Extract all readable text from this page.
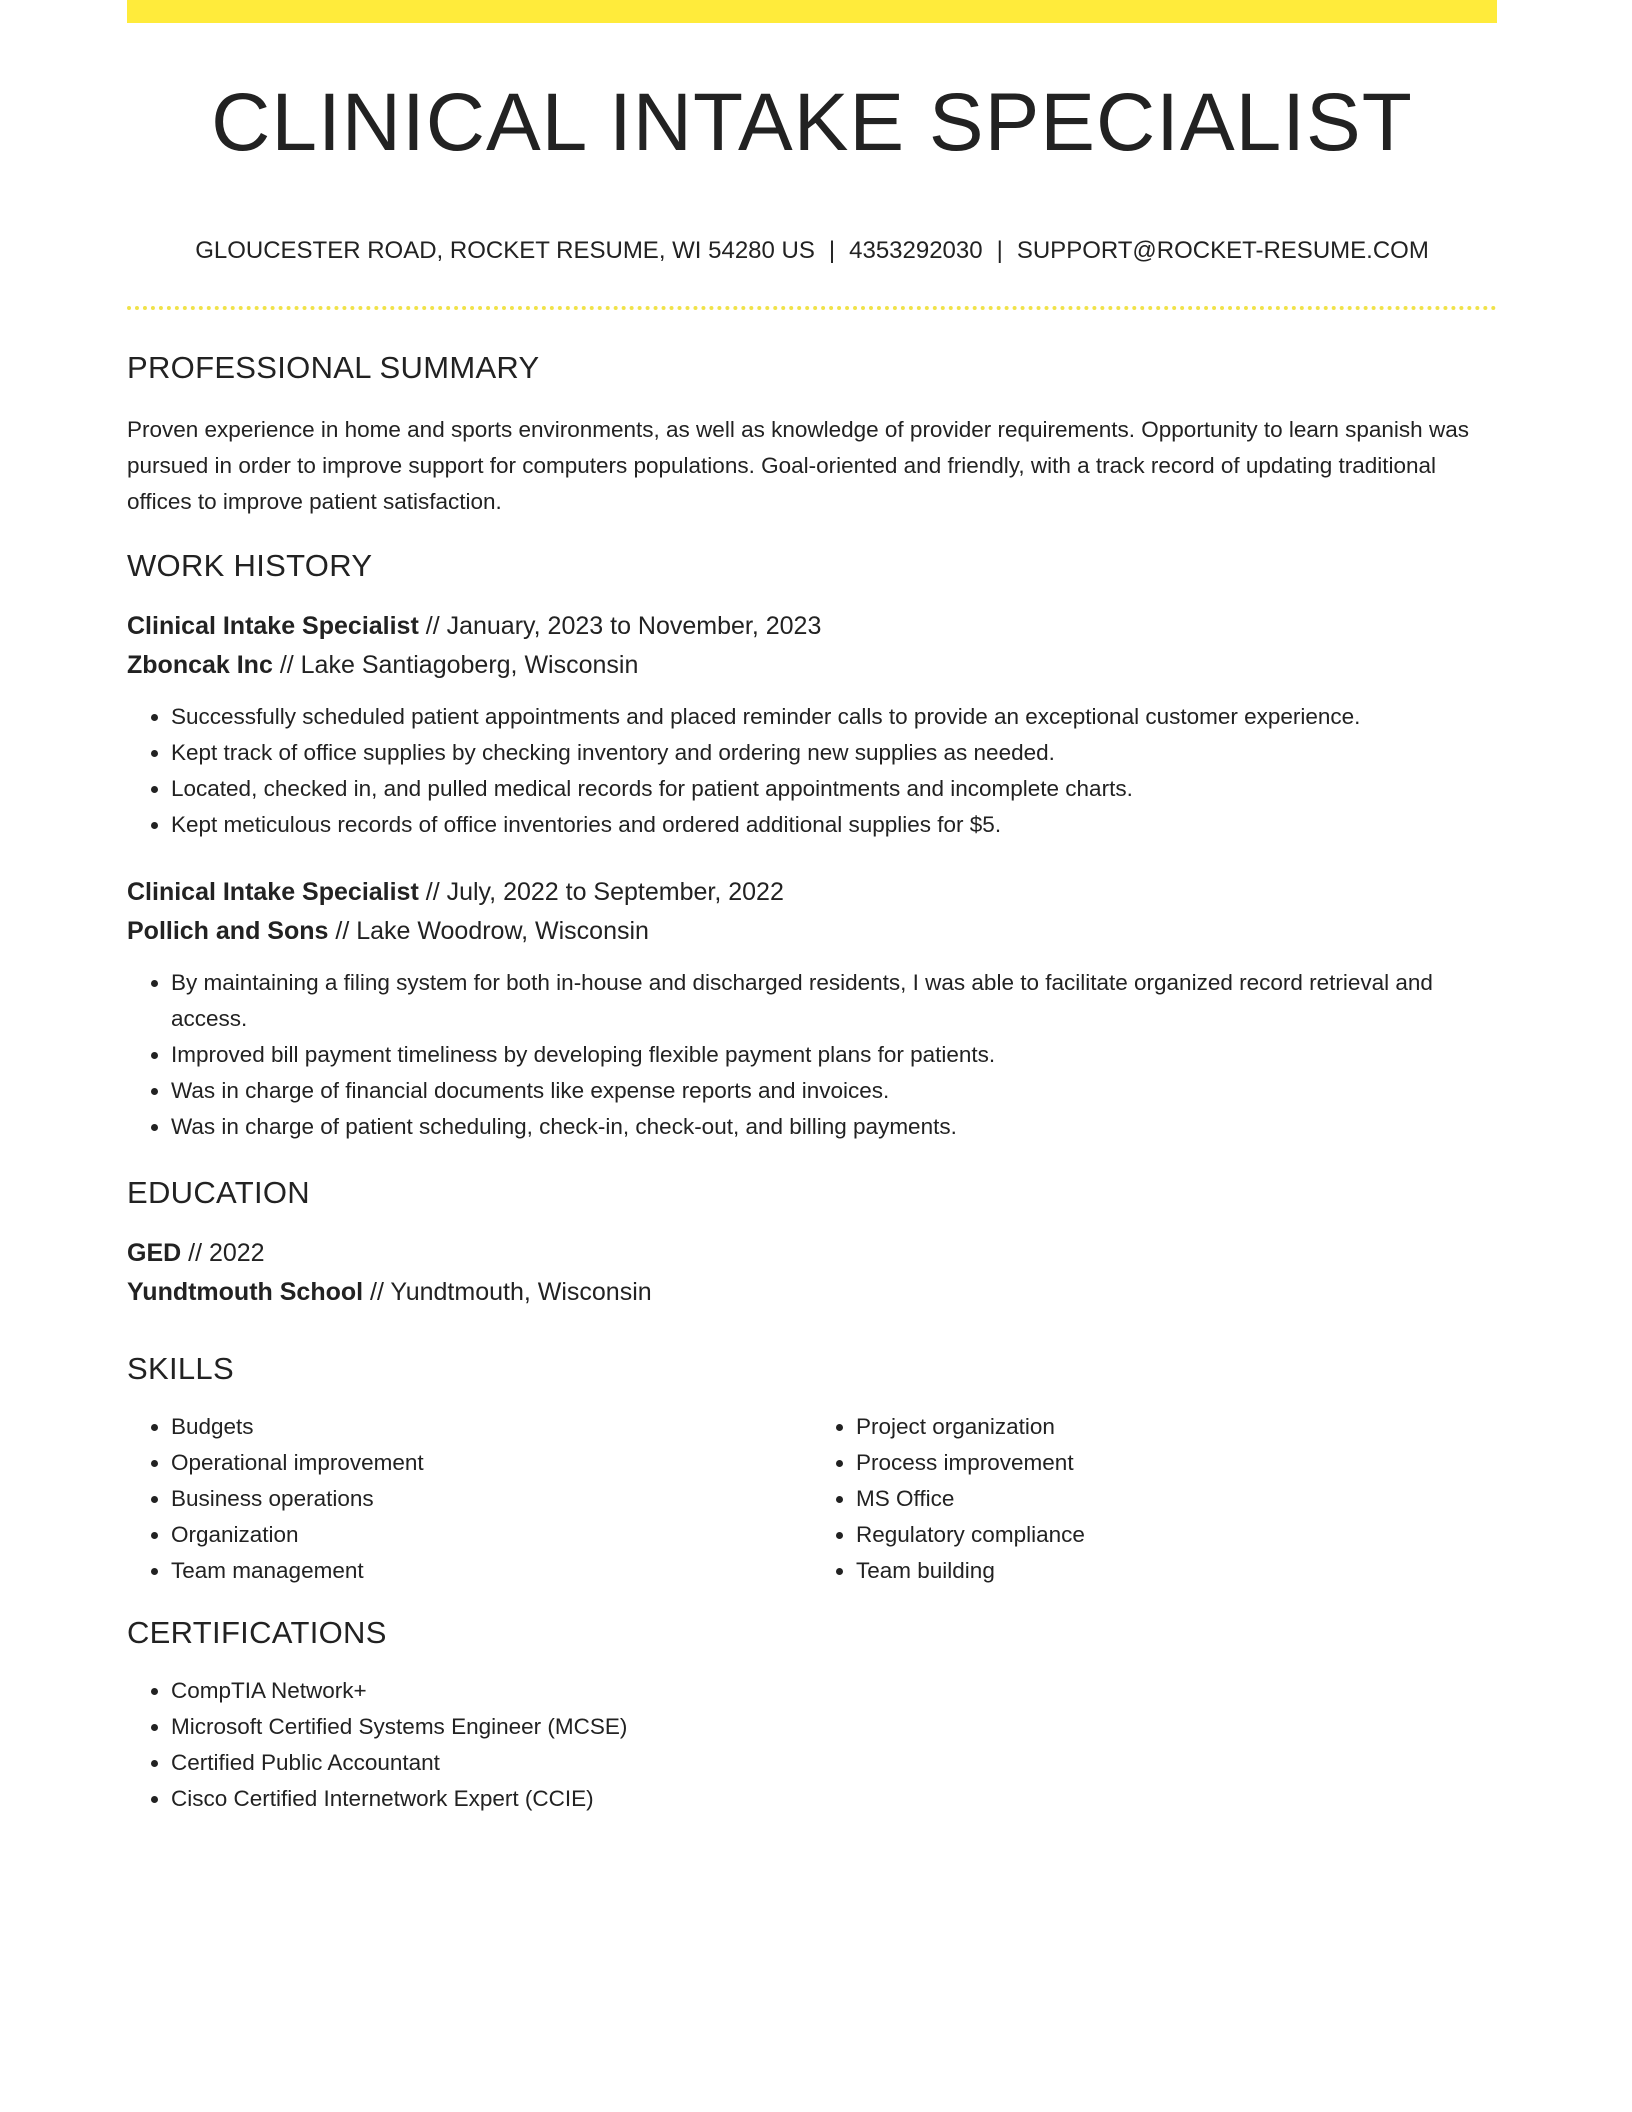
CLINICAL INTAKE SPECIALIST
GLOUCESTER ROAD, ROCKET RESUME, WI 54280 US | 4353292030 | SUPPORT@ROCKET-RESUME.COM
PROFESSIONAL SUMMARY

Proven experience in home and sports environments, as well as knowledge of provider requirements. Opportunity to learn spanish was pursued in order to improve support for computers populations. Goal-oriented and friendly, with a track record of updating traditional offices to improve patient satisfaction.

WORK HISTORY
Clinical Intake Specialist // January, 2023 to November, 2023
Zboncak Inc // Lake Santiagoberg, Wisconsin
• Successfully scheduled patient appointments and placed reminder calls to provide an exceptional customer experience.
• Kept track of office supplies by checking inventory and ordering new supplies as needed.
• Located, checked in, and pulled medical records for patient appointments and incomplete charts.
• Kept meticulous records of office inventories and ordered additional supplies for $5.
Clinical Intake Specialist // July, 2022 to September, 2022
Pollich and Sons // Lake Woodrow, Wisconsin
• By maintaining a filing system for both in-house and discharged residents, I was able to facilitate organized record retrieval and access.
• Improved bill payment timeliness by developing flexible payment plans for patients.
• Was in charge of financial documents like expense reports and invoices.
• Was in charge of patient scheduling, check-in, check-out, and billing payments.
EDUCATION
GED // 2022
Yundtmouth School // Yundtmouth, Wisconsin
SKILLS
• Budgets
• Operational improvement
• Business operations
• Organization
• Team management
• Project organization
• Process improvement
• MS Office
• Regulatory compliance
• Team building
CERTIFICATIONS
• CompTIA Network+
• Microsoft Certified Systems Engineer (MCSE)
• Certified Public Accountant
• Cisco Certified Internetwork Expert (CCIE)
